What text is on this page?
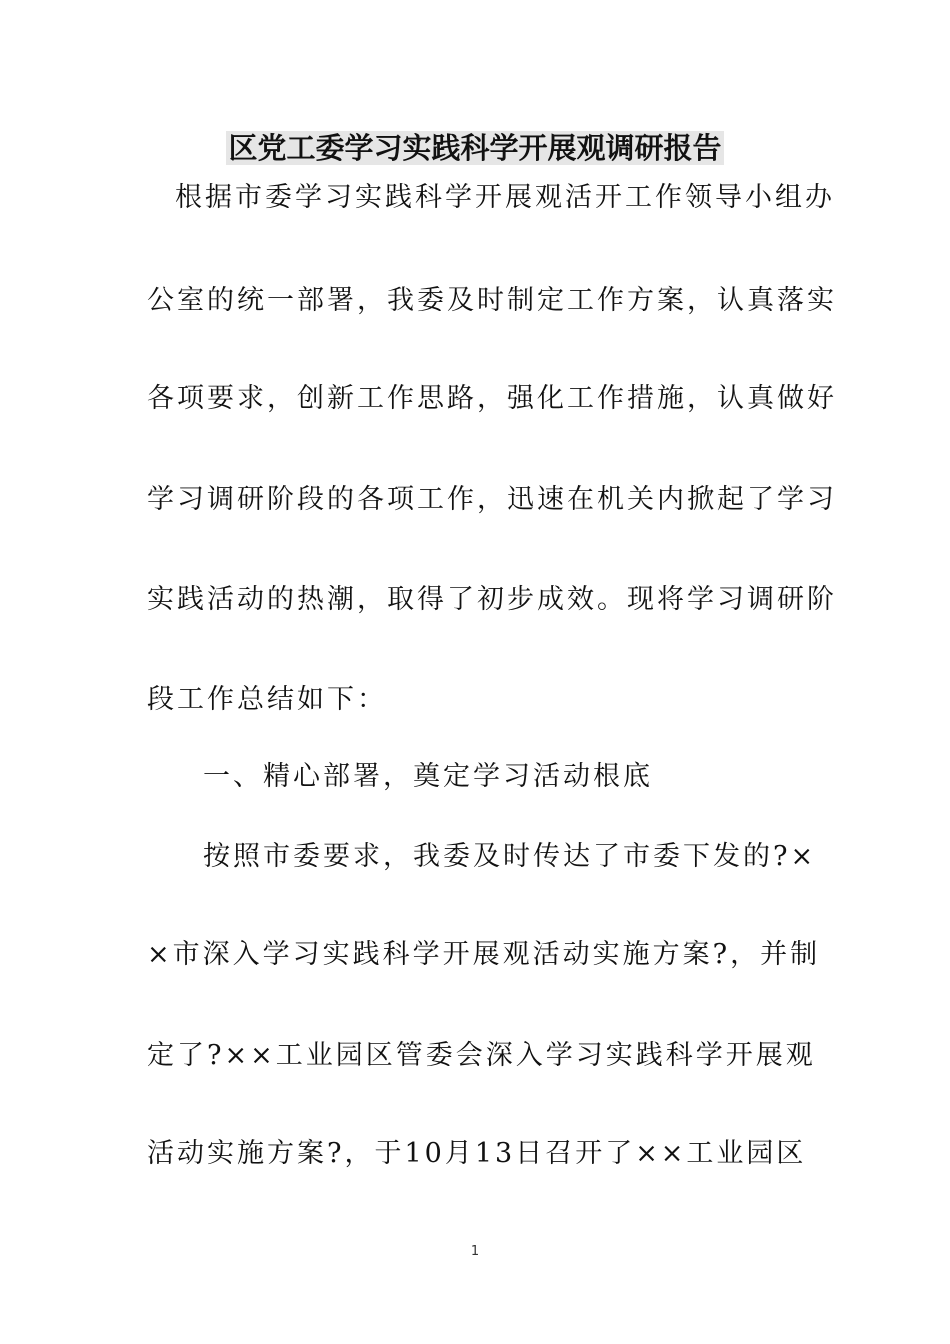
区党工委学习实践科学开展观调研报告

根据市委学习实践科学开展观活开工作领导小组办

公室的统一部署，我委及时制定工作方案，认真落实

各项要求，创新工作思路，强化工作措施，认真做好

学习调研阶段的各项工作，迅速在机关内掀起了学习

实践活动的热潮，取得了初步成效。现将学习调研阶

段工作总结如下：

一、精心部署，奠定学习活动根底

按照市委要求，我委及时传达了市委下发的?×

×市深入学习实践科学开展观活动实施方案?，并制

定了?××工业园区管委会深入学习实践科学开展观

活动实施方案?，于10月13日召开了××工业园区

1
